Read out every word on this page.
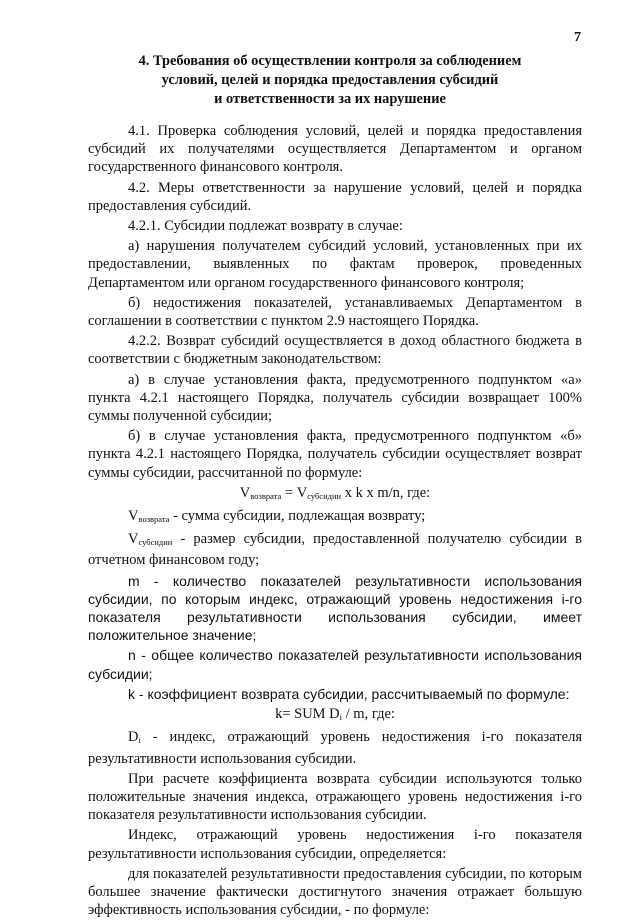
7
4. Требования об осуществлении контроля за соблюдением
условий, целей и порядка предоставления субсидий
и ответственности за их нарушение

4.1. Проверка соблюдения условий, целей и порядка предоставления субсидий их получателями осуществляется Департаментом и органом государственного финансового контроля.

4.2. Меры ответственности за нарушение условий, целей и порядка предоставления субсидий.

4.2.1. Субсидии подлежат возврату в случае:

а) нарушения получателем субсидий условий, установленных при их предоставлении, выявленных по фактам проверок, проведенных Департаментом или органом государственного финансового контроля;

б) недостижения показателей, устанавливаемых Департаментом в соглашении в соответствии с пунктом 2.9 настоящего Порядка.

4.2.2. Возврат субсидий осуществляется в доход областного бюджета в соответствии с бюджетным законодательством:

а) в случае установления факта, предусмотренного подпунктом «а» пункта 4.2.1 настоящего Порядка, получатель субсидии возвращает 100% суммы полученной субсидии;

б) в случае установления факта, предусмотренного подпунктом «б» пункта 4.2.1 настоящего Порядка, получатель субсидии осуществляет возврат суммы субсидии, рассчитанной по формуле:

$V_{возврата} = V_{субсидии}$ x k x m/n, где:

$V_{возврата}$ - сумма субсидии, подлежащая возврату;

$V_{субсидии}$ - размер субсидии, предоставленной получателю субсидии в отчетном финансовом году;

m - количество показателей результативности использования
субсидии, по которым индекс, отражающий уровень недостижения i-го
показателя результативности использования субсидии, имеет
положительное значение;

n - общее количество показателей результативности использования субсидии;

k - коэффициент возврата субсидии, рассчитываемый по формуле:

k= SUM $D_i$ / m, где:

$D_i$ - индекс, отражающий уровень недостижения i-го показателя результативности использования субсидии.

При расчете коэффициента возврата субсидии используются только положительные значения индекса, отражающего уровень недостижения i-го показателя результативности использования субсидии.

Индекс, отражающий уровень недостижения i-го показателя результативности использования субсидии, определяется:

для показателей результативности предоставления субсидии, по которым большее значение фактически достигнутого значения отражает большую эффективность использования субсидии, - по формуле:
